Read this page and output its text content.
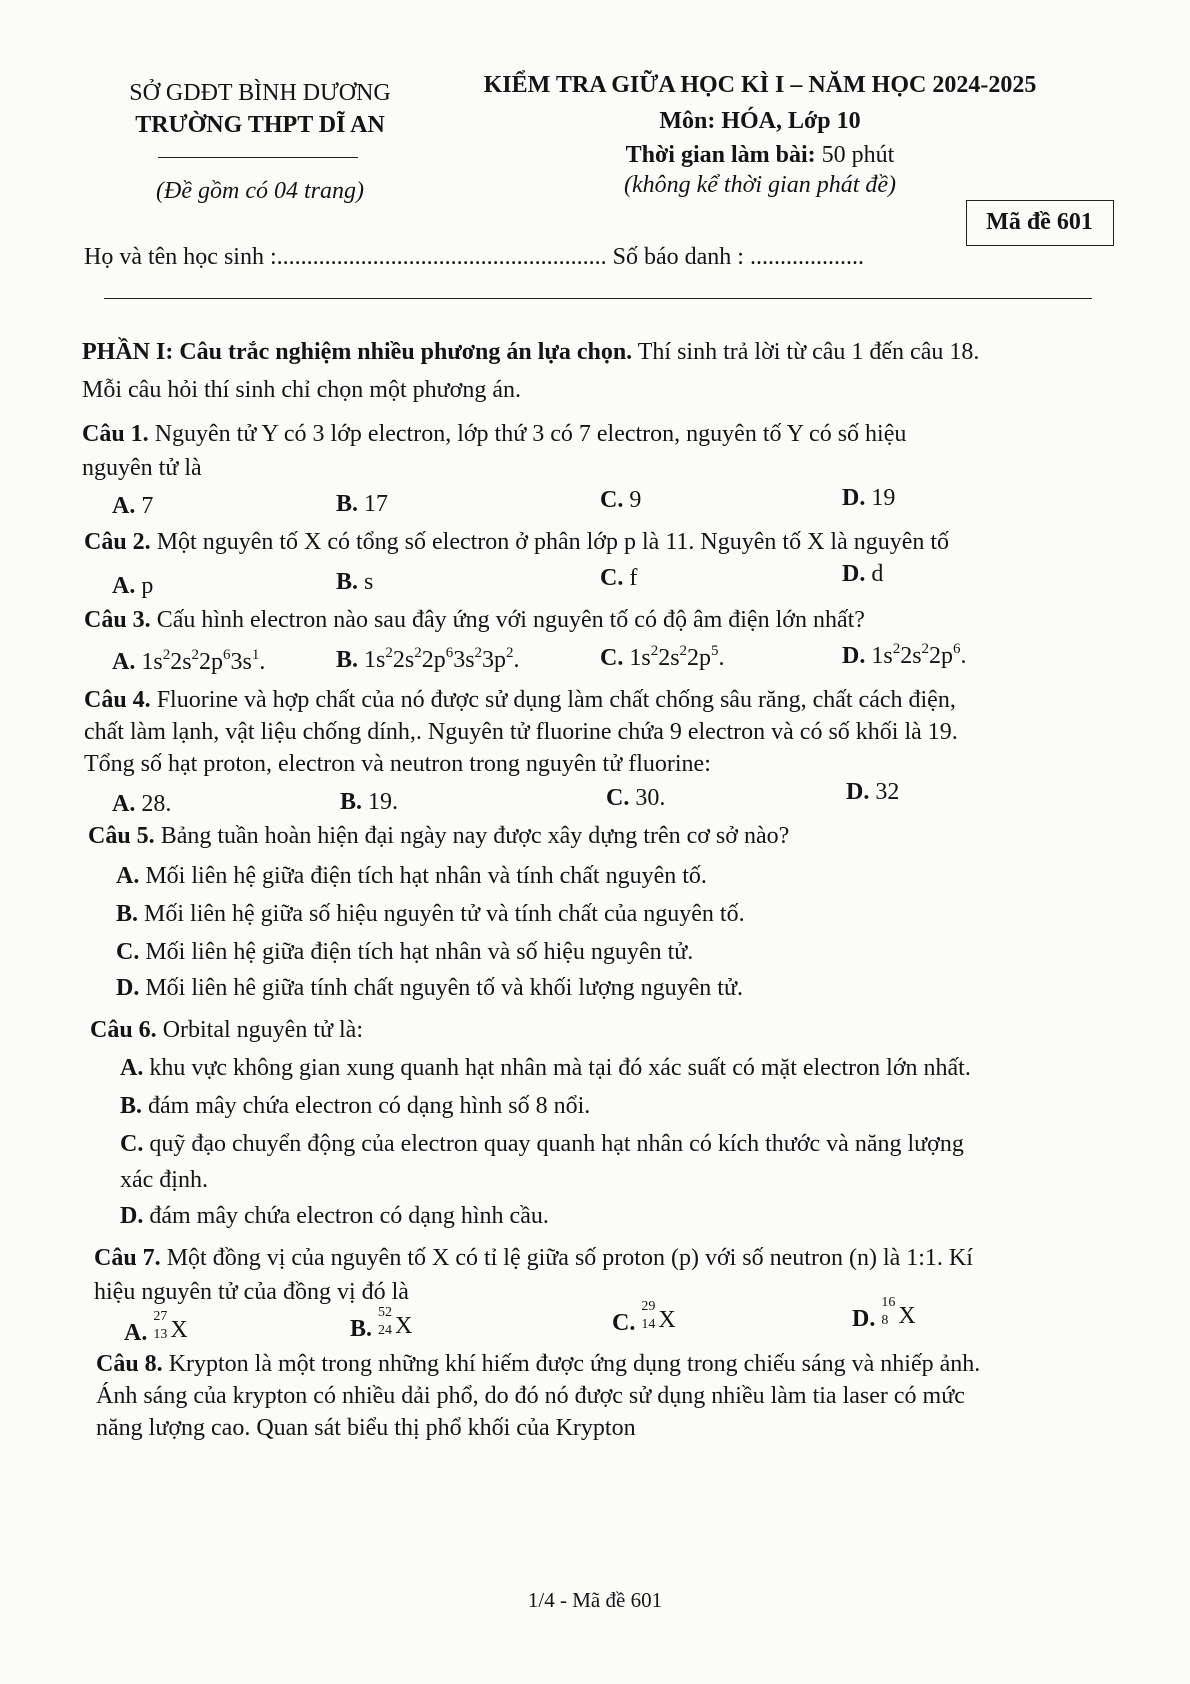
SỞ GDĐT BÌNH DƯƠNG
TRƯỜNG THPT DĨ AN
(Đề gồm có 04 trang)
KIỂM TRA GIỮA HỌC KÌ I – NĂM HỌC 2024-2025
Môn: HÓA, Lớp 10
Thời gian làm bài: 50 phút
(không kể thời gian phát đề)
Mã đề 601
Họ và tên học sinh :....................................................... Số báo danh : ...................
PHẦN I: Câu trắc nghiệm nhiều phương án lựa chọn. Thí sinh trả lời từ câu 1 đến câu 18.
Mỗi câu hỏi thí sinh chỉ chọn một phương án.
Câu 1. Nguyên tử Y có 3 lớp electron, lớp thứ 3 có 7 electron, nguyên tố Y có số hiệu
nguyên tử là
A. 7	B. 17	C. 9	D. 19
Câu 2. Một nguyên tố X có tổng số electron ở phân lớp p là 11. Nguyên tố X là nguyên tố
A. p	B. s	C. f	D. d
Câu 3. Cấu hình electron nào sau đây ứng với nguyên tố có độ âm điện lớn nhất?
A. $1s^22s^22p^63s^1$.	B. $1s^22s^22p^63s^23p^2$.	C. $1s^22s^22p^5$.	D. $1s^22s^22p^6$.
Câu 4. Fluorine và hợp chất của nó được sử dụng làm chất chống sâu răng, chất cách điện,
chất làm lạnh, vật liệu chống dính,. Nguyên tử fluorine chứa 9 electron và có số khối là 19.
Tổng số hạt proton, electron và neutron trong nguyên tử fluorine:
A. 28.	B. 19.	C. 30.	D. 32
Câu 5. Bảng tuần hoàn hiện đại ngày nay được xây dựng trên cơ sở nào?
A. Mối liên hệ giữa điện tích hạt nhân và tính chất nguyên tố.
B. Mối liên hệ giữa số hiệu nguyên tử và tính chất của nguyên tố.
C. Mối liên hệ giữa điện tích hạt nhân và số hiệu nguyên tử.
D. Mối liên hê giữa tính chất nguyên tố và khối lượng nguyên tử.
Câu 6. Orbital nguyên tử là:
A. khu vực không gian xung quanh hạt nhân mà tại đó xác suất có mặt electron lớn nhất.
B. đám mây chứa electron có dạng hình số 8 nổi.
C. quỹ đạo chuyển động của electron quay quanh hạt nhân có kích thước và năng lượng
xác định.
D. đám mây chứa electron có dạng hình cầu.
Câu 7. Một đồng vị của nguyên tố X có tỉ lệ giữa số proton (p) với số neutron (n) là 1:1. Kí
hiệu nguyên tử của đồng vị đó là
A.
27
13 X	B.
52
24 X	C.
29
14 X	D.
16
8 X
Câu 8. Krypton là một trong những khí hiếm được ứng dụng trong chiếu sáng và nhiếp ảnh.
Ánh sáng của krypton có nhiều dải phổ, do đó nó được sử dụng nhiều làm tia laser có mức
năng lượng cao. Quan sát biểu thị phổ khối của Krypton
1/4 - Mã đề 601
